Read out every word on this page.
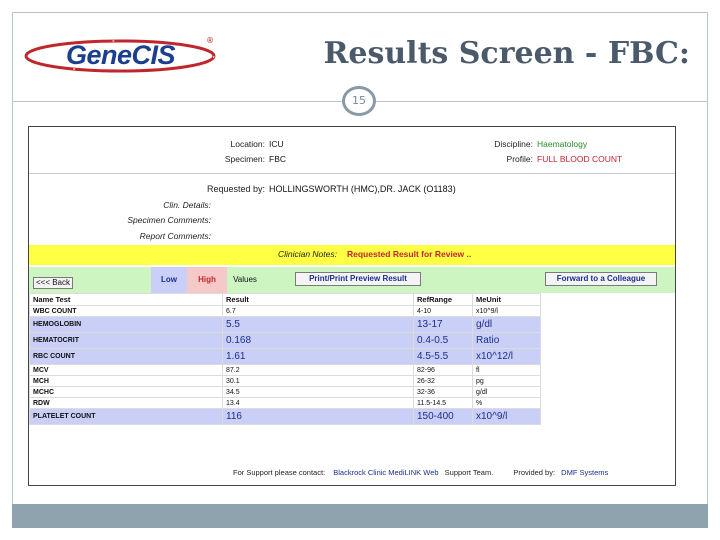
GeneCIS	®	Results Screen - FBC:
15
Location: ICU
Specimen: FBC
Discipline: Haematology
Profile: FULL BLOOD COUNT
Requested by: HOLLINGSWORTH (HMC),DR. JACK (O1183)
Clin. Details:
Specimen Comments:
Report Comments:
Clinician Notes: Requested Result for Review ..
<<< Back	Low	High	Values	Print/Print Preview Result	Forward to a Colleague
Name Test	Result	RefRange	MeUnit
WBC COUNT	6.7	4-10	x10^9/l
HEMOGLOBIN	5.5	13-17	g/dl
HEMATOCRIT	0.168	0.4-0.5	Ratio
RBC COUNT	1.61	4.5-5.5	x10^12/l
MCV	87.2	82-96	fl
MCH	30.1	26-32	pg
MCHC	34.5	32-36	g/dl
RDW	13.4	11.5-14.5	%
PLATELET COUNT	116	150-400	x10^9/l
For Support please contact: Blackrock Clinic MediLINK Web Support Team.	Provided by: DMF Systems
